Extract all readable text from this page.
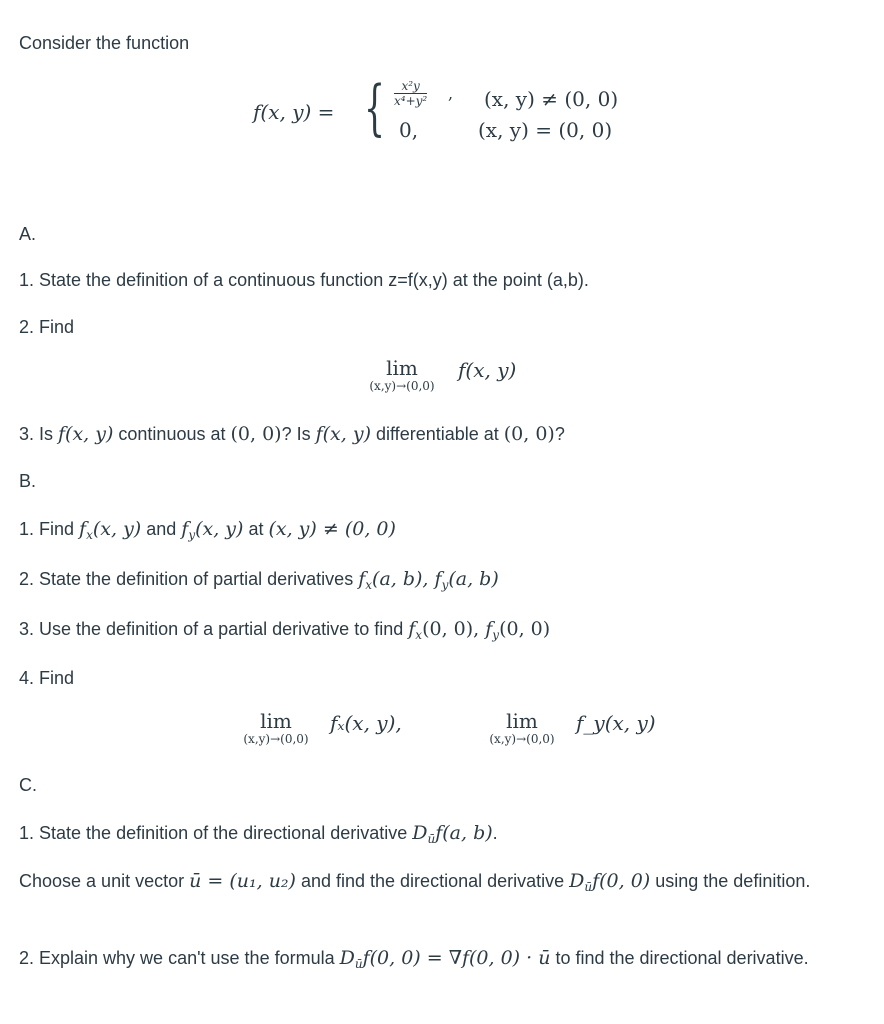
Consider the function
f(x, y) = { $\frac{\text{x²y}}{\text{x⁴+y²}}$ , (x, y) ≠ (0, 0)
0,	(x, y) = (0, 0)
A.
1. State the definition of a continuous function z=f(x,y) at the point (a,b).
2. Find
lim
(x,y)→(0,0)
f(x, y)
3. Is f(x, y) continuous at (0, 0)? Is f(x, y) differentiable at (0, 0)?
B.
1. Find $f_x(x$, y) and $f_y(x$, y) at (x, y) ≠ (0, 0)
2. State the definition of partial derivatives $f_x(a$, b), $f_y(a$, b)
3. Use the definition of a partial derivative to find $f_x(0$, 0), $f_y(0$, 0)
4. Find
lim
(x,y)→(0,0)
fₓ(x, y),	lim
(x,y)→(0,0)
f_y(x, y)
C.
1. State the definition of the directional derivative $D_ūf(a$, b).
Choose a unit vector ū = (u₁, u₂) and find the directional derivative $D_ūf(0$, 0) using the definition.
2. Explain why we can't use the formula $D_ūf(0$, 0) = ∇f(0, 0) · ū to find the directional derivative.
